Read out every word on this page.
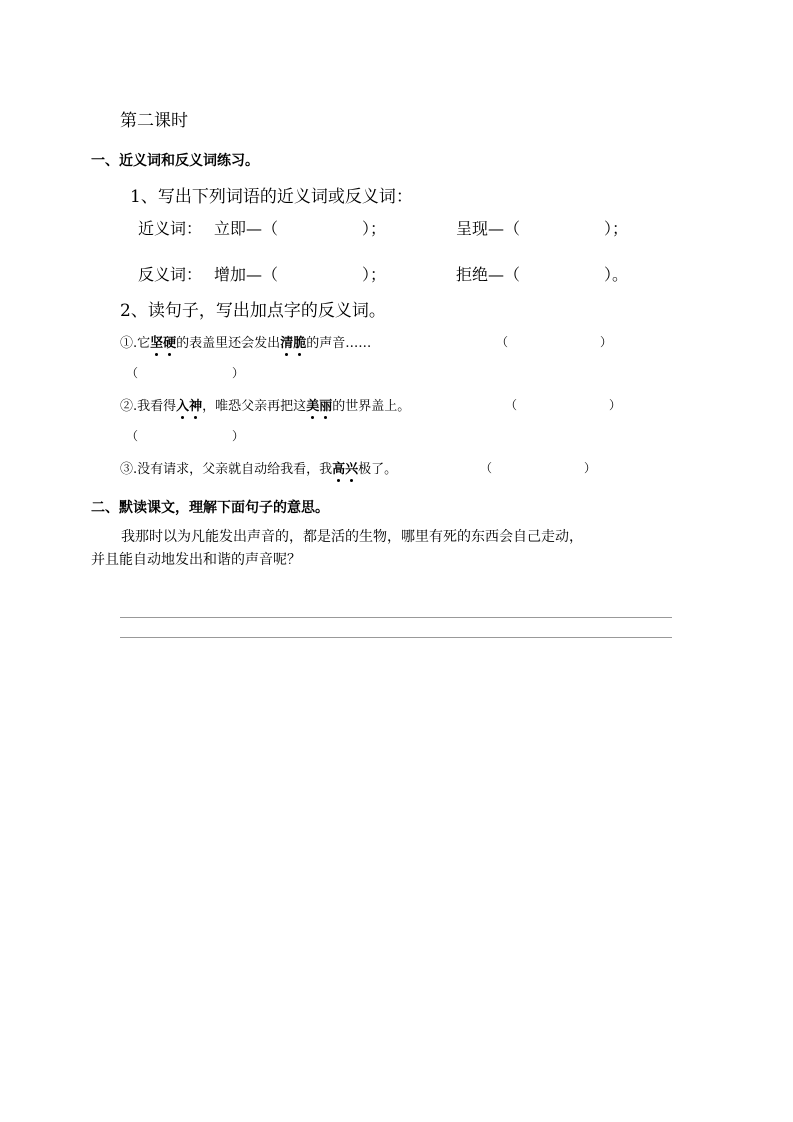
第二课时
一、近义词和反义词练习。
1、写出下列词语的近义词或反义词：
近义词： 立即—（	）；	呈现—（	）；
反义词： 增加—（	）；	拒绝—（	）。
2、读句子，写出加点字的反义词。
①.它坚硬的表盖里还会发出清脆的声音……	（	）
（	）
②.我看得入神，唯恐父亲再把这美丽的世界盖上。	（	）
（	）
③.没有请求，父亲就自动给我看，我高兴极了。	（	）
二、默读课文，理解下面句子的意思。
我那时以为凡能发出声音的，都是活的生物，哪里有死的东西会自己走动，
并且能自动地发出和谐的声音呢？
